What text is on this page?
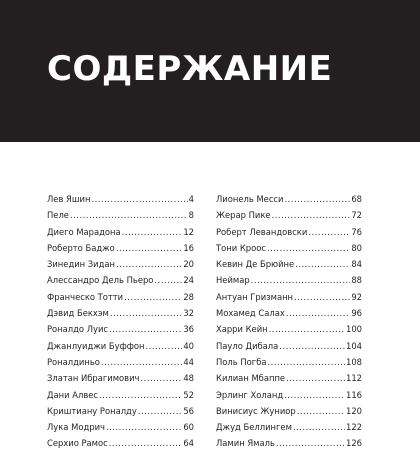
СОДЕРЖАНИЕ
Лев Яшин .....	4
Пеле .....	8
Диего Марадона .....	12
Роберто Баджо .....	16
Зинедин Зидан .....	20
Алессандро Дель Пьеро .....	24
Франческо Тотти .....	28
Дэвид Бекхэм .....	32
Роналдо Луис .....	36
Джанлуиджи Буффон .....	40
Роналдиньо .....	44
Златан Ибрагимович .....	48
Дани Алвес .....	52
Криштиану Роналду .....	56
Лука Модрич .....	60
Серхио Рамос .....	64
Лионель Месси .....	68
Жерар Пике .....	72
Роберт Левандовски .....	76
Тони Кроос .....	80
Кевин Де Брюйне .....	84
Неймар .....	88
Антуан Гризманн .....	92
Мохамед Салах .....	96
Харри Кейн .....	100
Пауло Дибала .....	104
Поль Погба .....	108
Килиан Мбаппе .....	112
Эрлинг Холанд .....	116
Винисиус Жуниор .....	120
Джуд Беллингем .....	122
Ламин Ямаль .....	126
